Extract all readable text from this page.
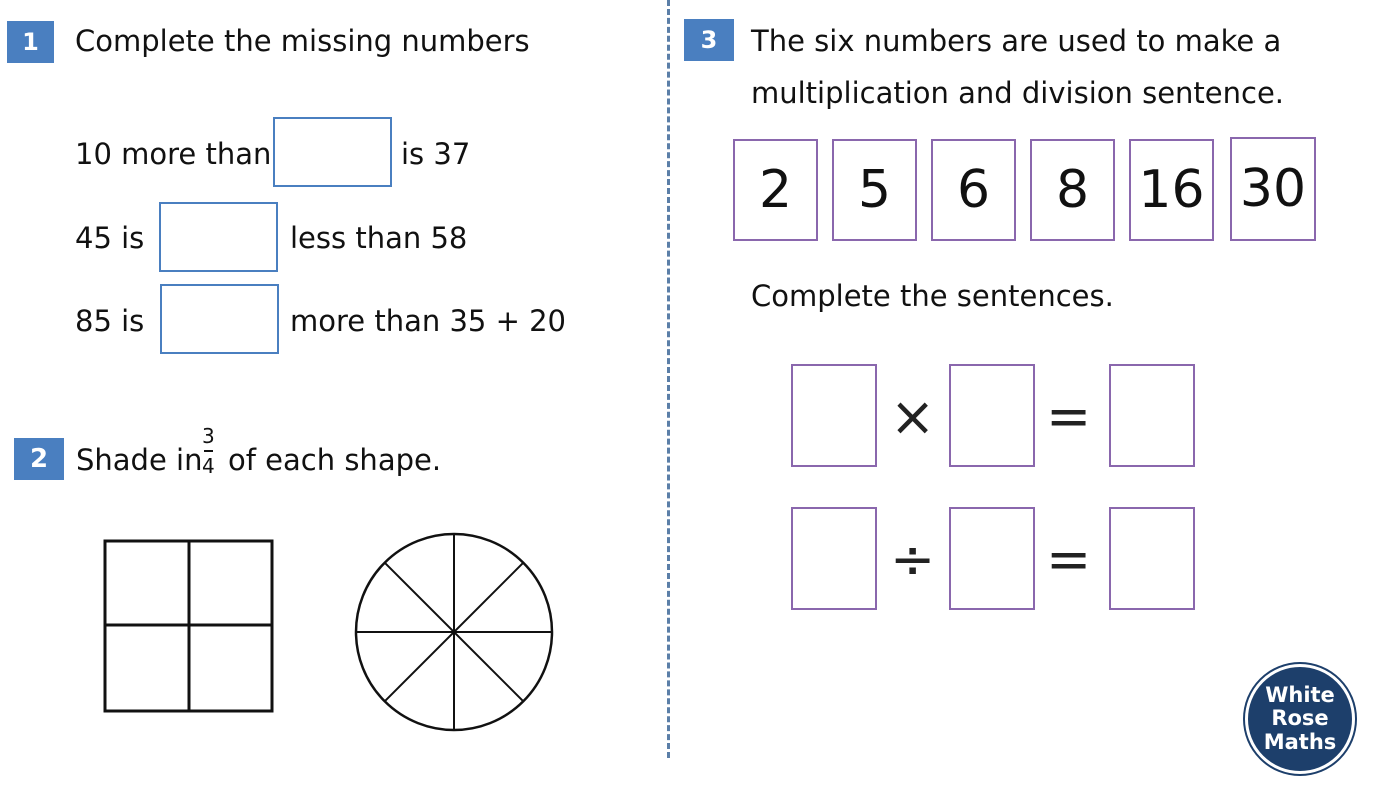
1	Complete the missing numbers
10 more than	is 37
45 is	less than 58
85 is	more than 35 + 20
2 Shade in
3
4 of each shape.
3	The six numbers are used to make a
multiplication and division sentence.
2	5	6	8 16 30
Complete the sentences.
× =
÷ =
White
Rose
Maths
